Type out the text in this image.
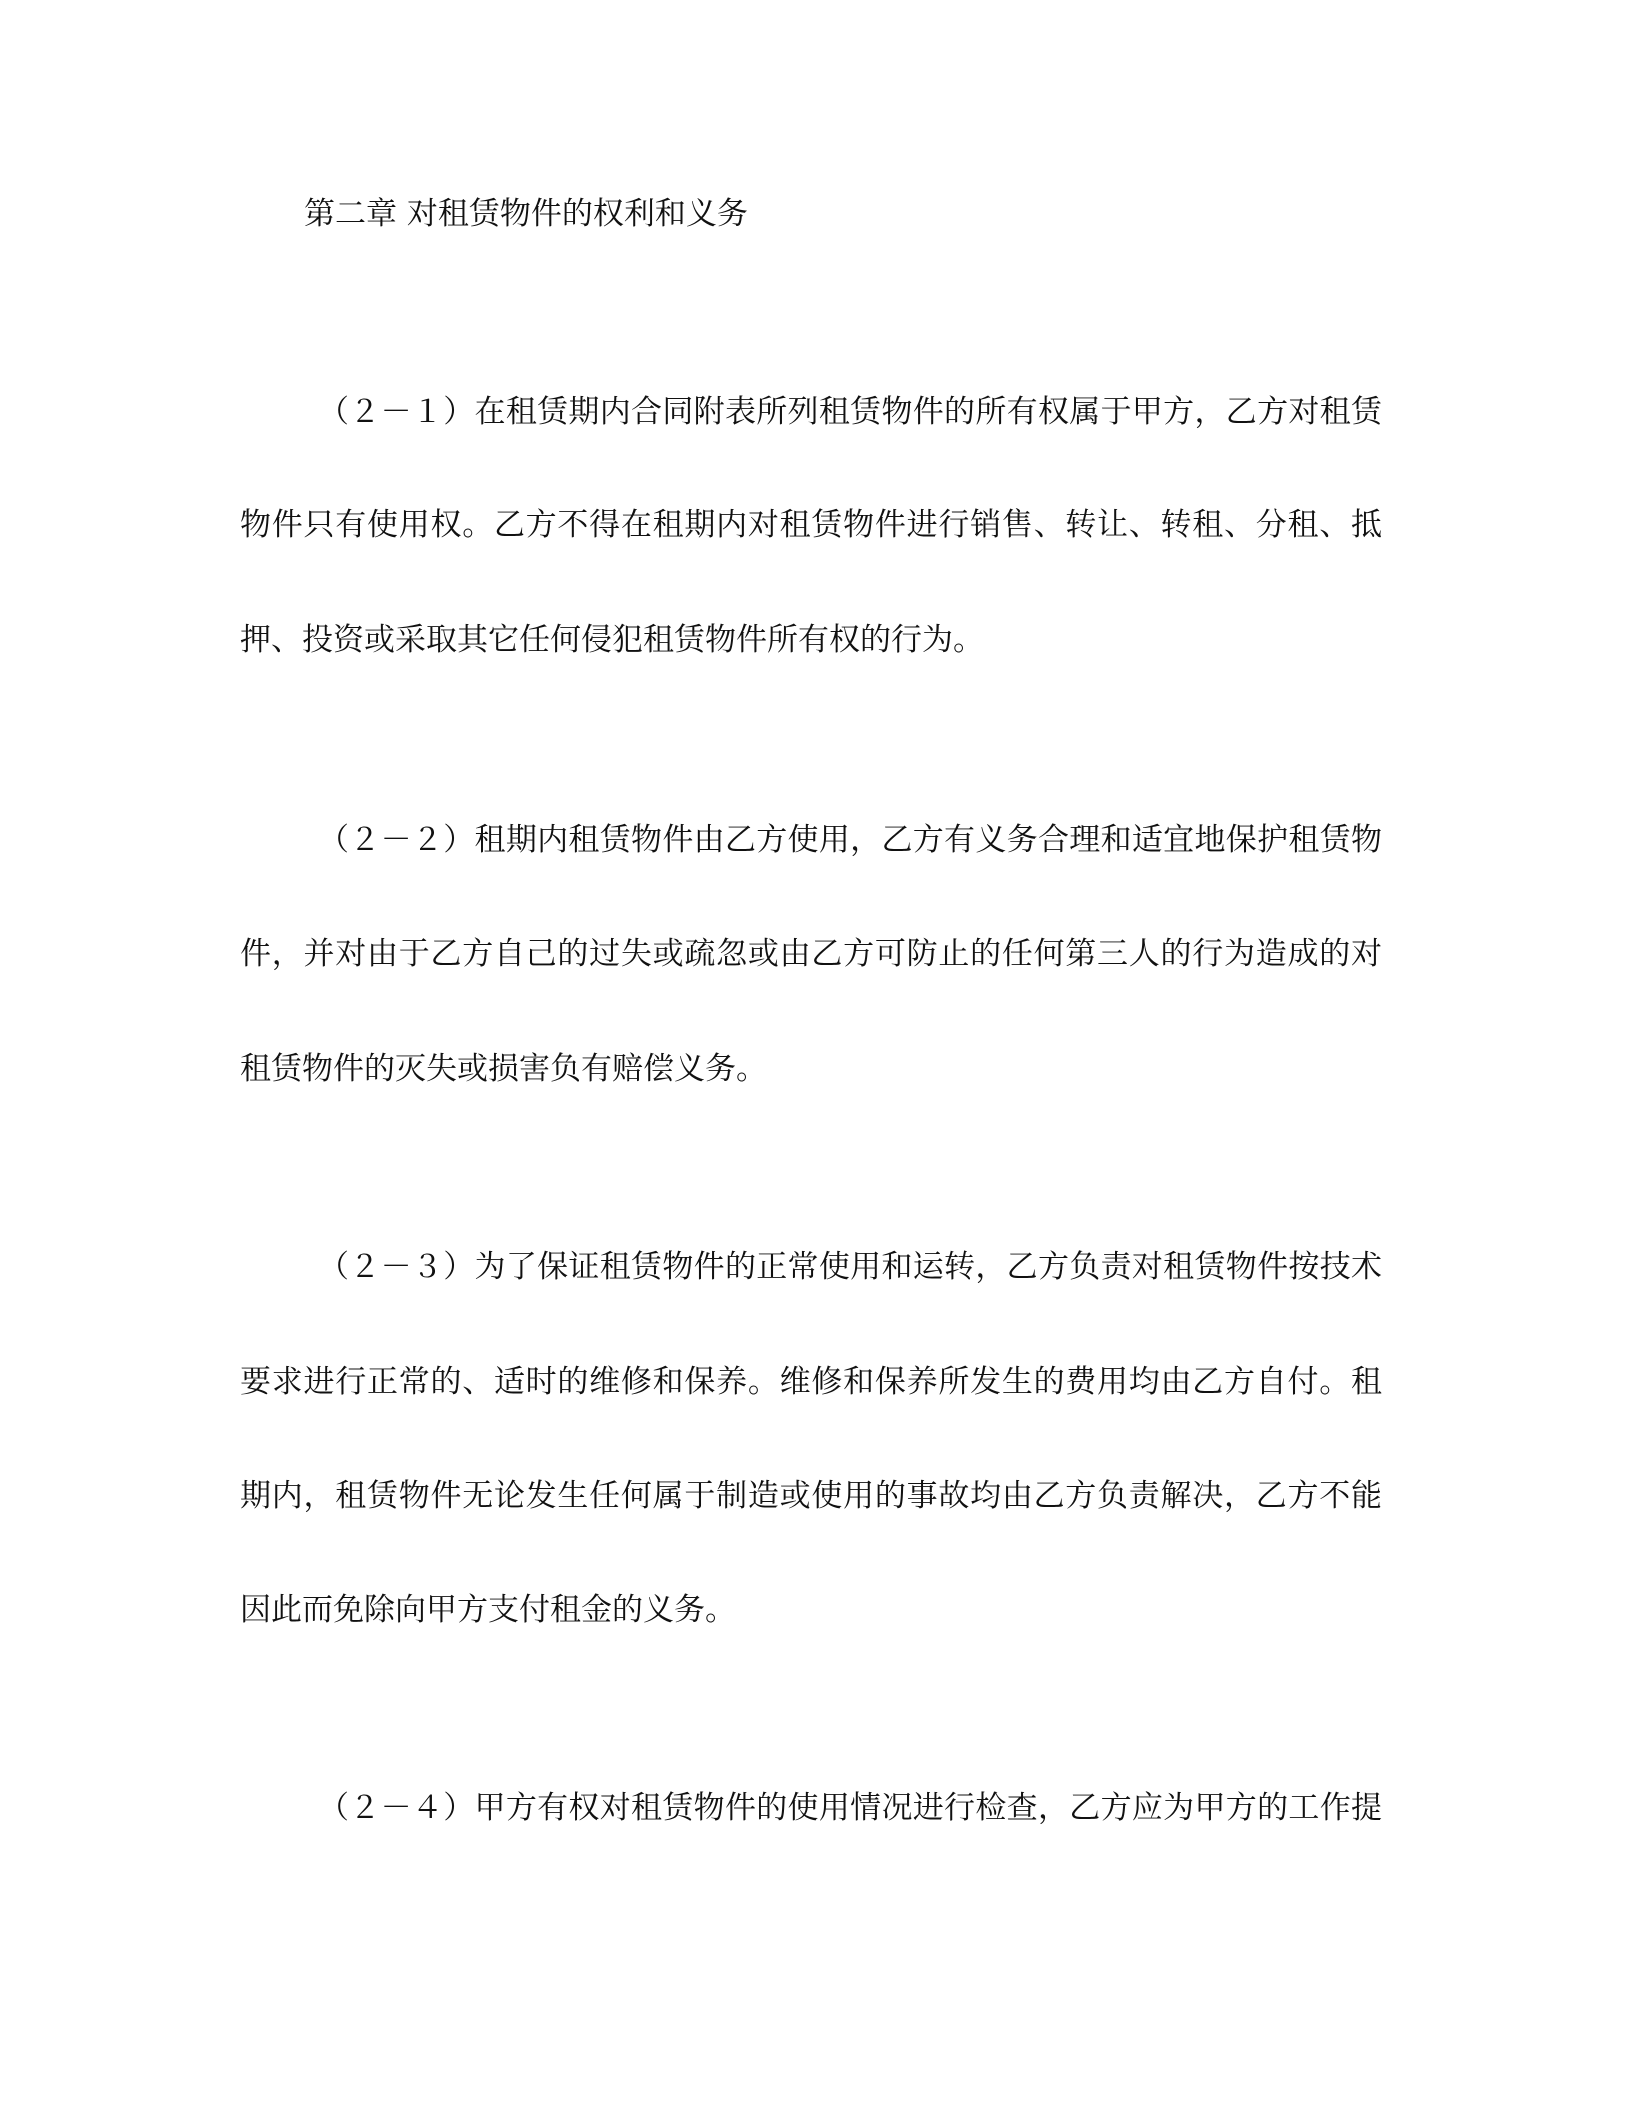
第二章 对租赁物件的权利和义务
（２－１）在租赁期内合同附表所列租赁物件的所有权属于甲方，乙方对租赁
物件只有使用权。乙方不得在租期内对租赁物件进行销售、转让、转租、分租、抵
押、投资或采取其它任何侵犯租赁物件所有权的行为。
（２－２）租期内租赁物件由乙方使用，乙方有义务合理和适宜地保护租赁物
件，并对由于乙方自己的过失或疏忽或由乙方可防止的任何第三人的行为造成的对
租赁物件的灭失或损害负有赔偿义务。
（２－３）为了保证租赁物件的正常使用和运转，乙方负责对租赁物件按技术
要求进行正常的、适时的维修和保养。维修和保养所发生的费用均由乙方自付。租
期内，租赁物件无论发生任何属于制造或使用的事故均由乙方负责解决，乙方不能
因此而免除向甲方支付租金的义务。
（２－４）甲方有权对租赁物件的使用情况进行检查，乙方应为甲方的工作提
